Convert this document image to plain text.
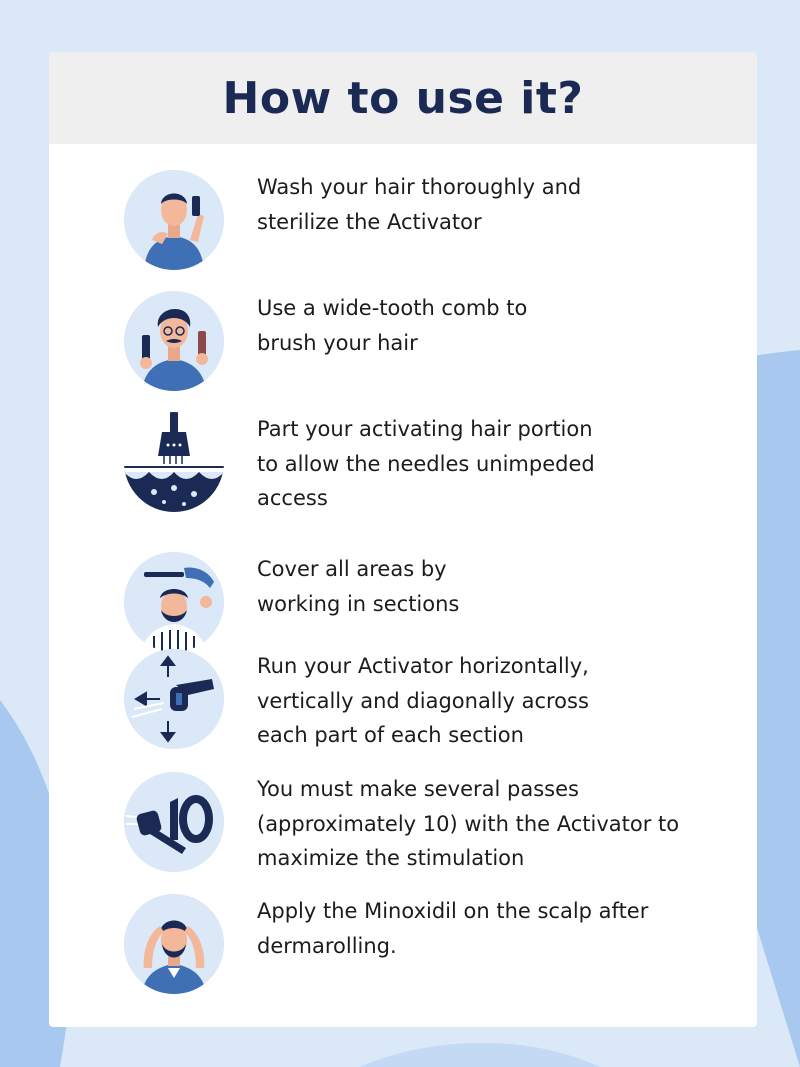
How to use it?

Wash your hair thoroughly and
sterilize the Activator

Use a wide-tooth comb to
brush your hair

Part your activating hair portion
to allow the needles unimpeded
access

Cover all areas by
working in sections

Run your Activator horizontally,
vertically and diagonally across
each part of each section

You must make several passes
(approximately 10) with the Activator to
maximize the stimulation

Apply the Minoxidil on the scalp after
dermarolling.
